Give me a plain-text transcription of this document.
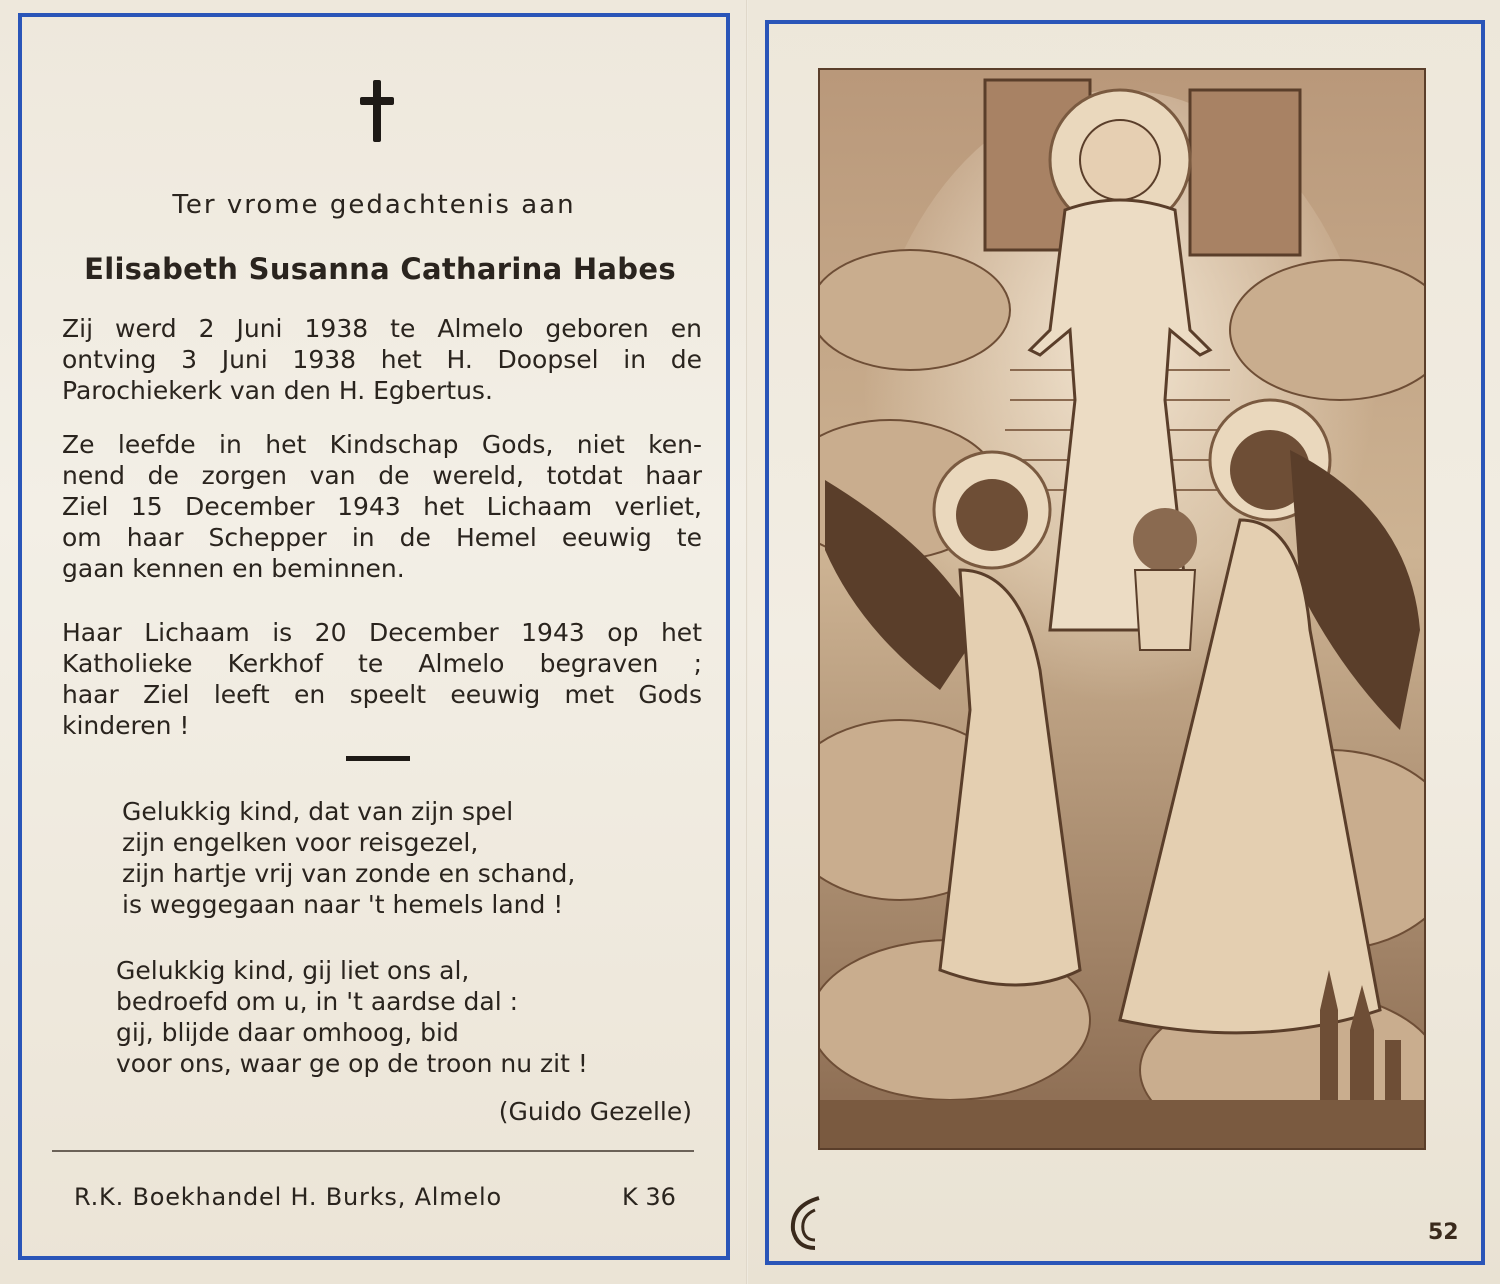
Ter vrome gedachtenis aan
Elisabeth Susanna Catharina Habes
Zij werd 2 Juni 1938 te Almelo geboren en
ontving 3 Juni 1938 het H. Doopsel in de
Parochiekerk van den H. Egbertus.
Ze leefde in het Kindschap Gods, niet ken-
nend de zorgen van de wereld, totdat haar
Ziel 15 December 1943 het Lichaam verliet,
om haar Schepper in de Hemel eeuwig te
gaan kennen en beminnen.
Haar Lichaam is 20 December 1943 op het
Katholieke Kerkhof te Almelo begraven ;
haar Ziel leeft en speelt eeuwig met Gods
kinderen !
Gelukkig kind, dat van zijn spel
zijn engelken voor reisgezel,
zijn hartje vrij van zonde en schand,
is weggegaan naar 't hemels land !
Gelukkig kind, gij liet ons al,
bedroefd om u, in 't aardse dal :
gij, blijde daar omhoog, bid
voor ons, waar ge op de troon nu zit !
(Guido Gezelle)
R.K. Boekhandel H. Burks, Almelo	K 36
52
